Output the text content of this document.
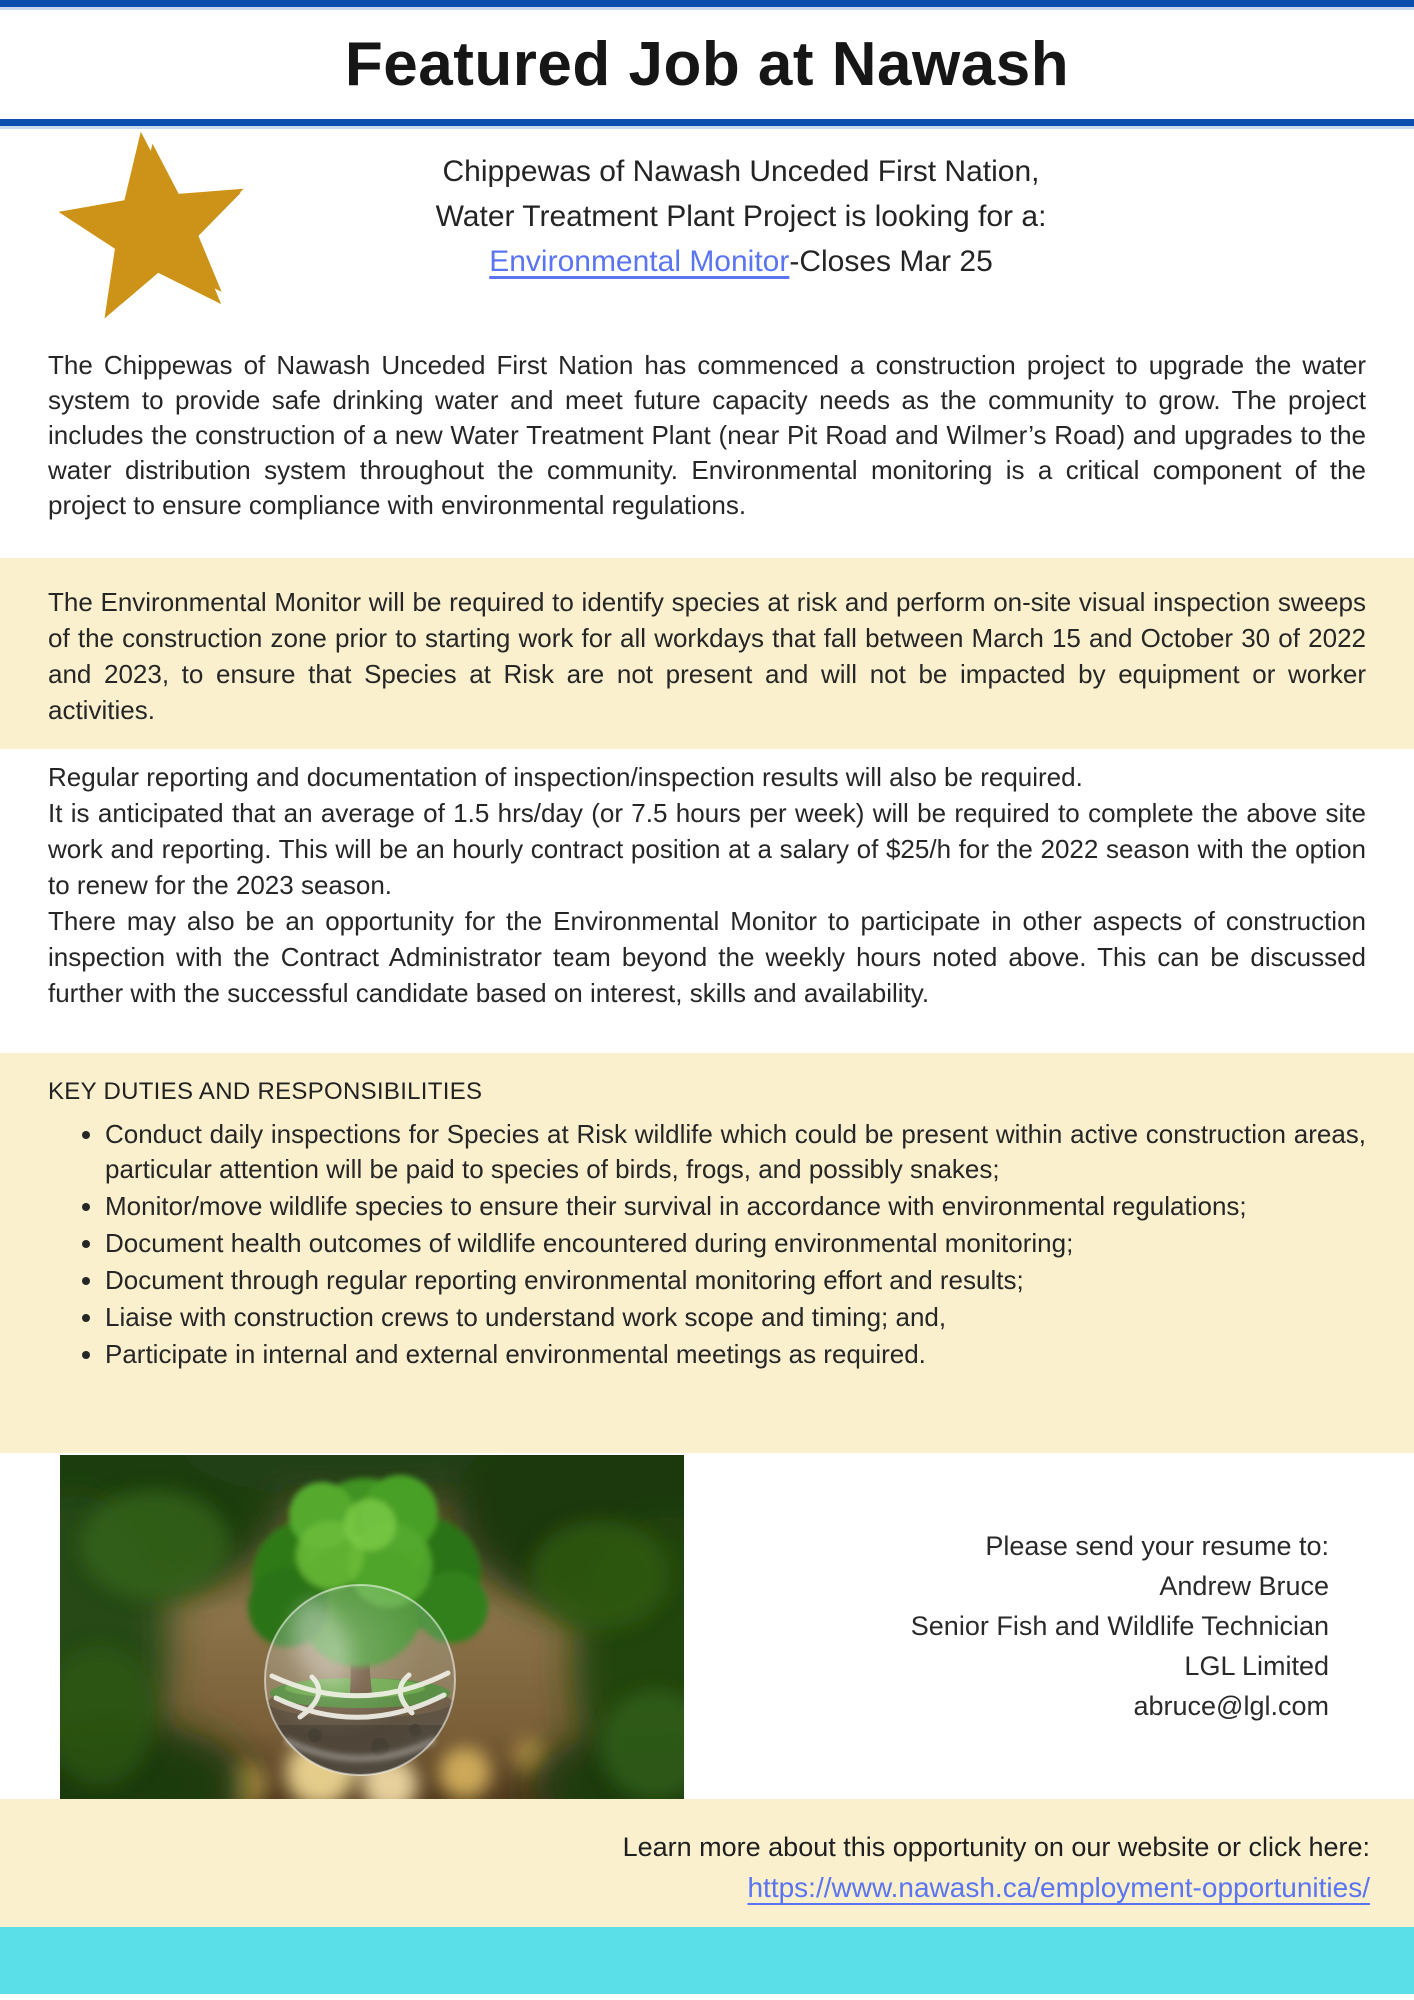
Featured Job at Nawash
Chippewas of Nawash Unceded First Nation,
Water Treatment Plant Project is looking for a:
Environmental Monitor-Closes Mar 25
The Chippewas of Nawash Unceded First Nation has commenced a construction project to upgrade the water system to provide safe drinking water and meet future capacity needs as the community to grow. The project includes the construction of a new Water Treatment Plant (near Pit Road and Wilmer’s Road) and upgrades to the water distribution system throughout the community. Environmental monitoring is a critical component of the project to ensure compliance with environmental regulations.
The Environmental Monitor will be required to identify species at risk and perform on-site visual inspection sweeps of the construction zone prior to starting work for all workdays that fall between March 15 and October 30 of 2022 and 2023, to ensure that Species at Risk are not present and will not be impacted by equipment or worker activities.

Regular reporting and documentation of inspection/inspection results will also be required.

It is anticipated that an average of 1.5 hrs/day (or 7.5 hours per week) will be required to complete the above site work and reporting. This will be an hourly contract position at a salary of $25/h for the 2022 season with the option to renew for the 2023 season.

There may also be an opportunity for the Environmental Monitor to participate in other aspects of construction inspection with the Contract Administrator team beyond the weekly hours noted above. This can be discussed further with the successful candidate based on interest, skills and availability.

KEY DUTIES AND RESPONSIBILITIES
• Conduct daily inspections for Species at Risk wildlife which could be present within active construction areas, particular attention will be paid to species of birds, frogs, and possibly snakes;
• Monitor/move wildlife species to ensure their survival in accordance with environmental regulations;
• Document health outcomes of wildlife encountered during environmental monitoring;
• Document through regular reporting environmental monitoring effort and results;
• Liaise with construction crews to understand work scope and timing; and,
• Participate in internal and external environmental meetings as required.
Please send your resume to:
Andrew Bruce
Senior Fish and Wildlife Technician
LGL Limited
abruce@lgl.com
Learn more about this opportunity on our website or click here:
https://www.nawash.ca/employment-opportunities/
